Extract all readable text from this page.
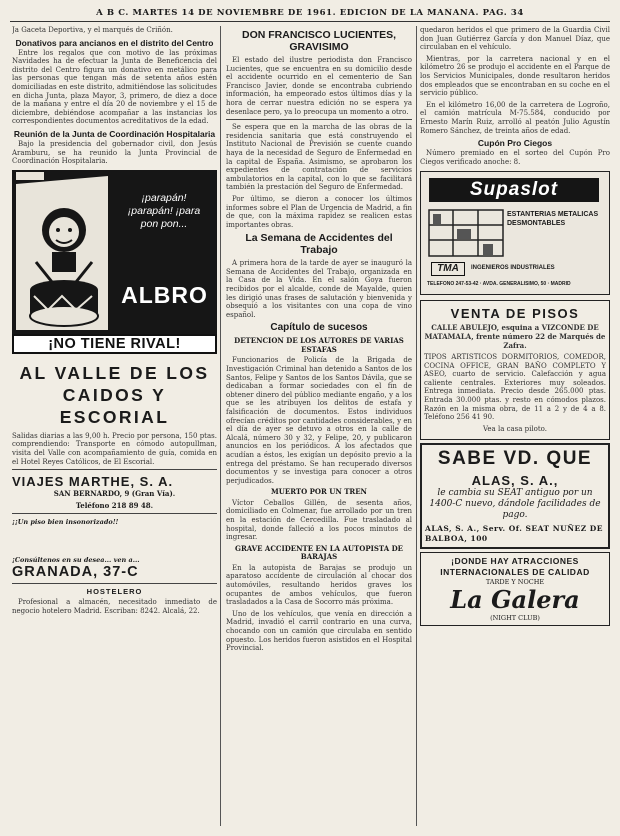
A B C. MARTES 14 DE NOVIEMBRE DE 1961. EDICION DE LA MAÑANA. PAG. 34

Ja Gaceta Deportiva, y el marqués de Criñón.

Donativos para ancianos en el distrito del Centro

Entre los regalos que con motivo de las próximas Navidades ha de efectuar la Junta de Beneficencia del distrito del Centro figura un donativo en metálico para las personas que tengan más de setenta años estén domiciliadas en este distrito, admitiéndose las solicitudes en dicha Junta, plaza Mayor, 3, primero, de diez a doce de la mañana y entre el día 20 de noviembre y el 15 de diciembre, debiéndose acompañar a las instancias los correspondientes documentos acreditativos de la edad.

Reunión de la Junta de Coordinación Hospitalaria

Bajo la presidencia del gobernador civil, don Jesús Aramburu, se ha reunido la Junta Provincial de Coordinación Hospitalaria.

¡parapán! ¡parapán! ¡para pon pon...
ALBRO
¡NO TIENE RIVAL!
AL VALLE DE LOS CAIDOS Y ESCORIAL

Salidas diarias a las 9,00 h. Precio por persona, 150 ptas. comprendiendo: Transporte en cómodo autopullman, visita del Valle con acompañamiento de guía, comida en el Hotel Reyes Católicos, de El Escorial.

VIAJES MARTHE, S. A.
SAN BERNARDO, 9 (Gran Vía).
Teléfono 218 89 48.
¡¡Un piso bien insonorizado!!
¡Consúltenos en su desea... ven a...
GRANADA, 37-C
HOSTELERO

Profesional a almacén, necesitado inmediato de negocio hotelero Madrid. Escriban: 8242. Alcalá, 22.

DON FRANCISCO LUCIENTES, GRAVISIMO

El estado del ilustre periodista don Francisco Lucientes, que se encuentra en su domicilio desde el accidente ocurrido en el cementerio de San Francisco Javier, donde se encontraba cubriendo información, ha empeorado estos últimos días y la hora de cerrar nuestra edición no se espera ya desenlace pero, ya lo preocupa un momento a otro.

Se espera que en la marcha de las obras de la residencia sanitaria que está construyendo el Instituto Nacional de Previsión se cuente cuando haya de la necesidad de Seguro de Enfermedad en la capital de España. Asimismo, se aprobaron los expedientes de contratación de servicios ambulatorios en la capital, con lo que se facilitará también la prestación del Seguro de Enfermedad.

Por último, se dieron a conocer los últimos informes sobre el Plan de Urgencia de Madrid, a fin de que, con la máxima rapidez se realicen estas importantes obras.

La Semana de Accidentes del Trabajo

A primera hora de la tarde de ayer se inauguró la Semana de Accidentes del Trabajo, organizada en la Casa de la Vida. En el salón Goya fueron recibidos por el alcalde, conde de Mayalde, quien les dirigió unas frases de salutación y bienvenida y obsequió a los visitantes con una copa de vino español.

Capítulo de sucesos
DETENCION DE LOS AUTORES DE VARIAS ESTAFAS

Funcionarios de Policía de la Brigada de Investigación Criminal han detenido a Santos de los Santos, Felipe y Santos de los Santos Dávila, que se dedicaban a formar sociedades con el fin de obtener dinero del público mediante engaño, y a los que se les atribuyen los delitos de estafa y falsificación de documentos. Estos individuos ofrecían créditos por cantidades considerables, y en el día de ayer se detuvo a otros en la calle de Alcalá, número 30 y 32, y Felipe, 20, y publicaron anuncios en los periódicos. A los afectados que acudían a éstos, les exigían un depósito previo a la entrega del préstamo. Se han recuperado diversos documentos y se investiga para conocer a otros perjudicados.

MUERTO POR UN TREN

Víctor Ceballos Gillén, de sesenta años, domiciliado en Colmenar, fue arrollado por un tren en la estación de Cercedilla. Fue trasladado al hospital, donde falleció a los pocos minutos de ingresar.

GRAVE ACCIDENTE EN LA AUTOPISTA DE BARAJAS

En la autopista de Barajas se produjo un aparatoso accidente de circulación al chocar dos automóviles, resultando heridos graves los ocupantes de ambos vehículos, que fueron trasladados a la Casa de Socorro más próxima.

Uno de los vehículos, que venía en dirección a Madrid, invadió el carril contrario en una curva, chocando con un camión que circulaba en sentido opuesto. Los heridos fueron asistidos en el Hospital Provincial.

quedaron heridos el que primero de la Guardia Civil don Juan Gutiérrez García y don Manuel Díaz, que circulaban en el vehículo.

Mientras, por la carretera nacional y en el kilómetro 26 se produjo el accidente en el Parque de los Servicios Municipales, donde resultaron heridos dos empleados que se encontraban en su coche en el servicio público.

En el kilómetro 16,00 de la carretera de Logroño, el camión matrícula M-75.584, conducido por Ernesto Marín Ruiz, arrolló al peatón Julio Agustín Romero Sánchez, de treinta años de edad.

Cupón Pro Ciegos

Número premiado en el sorteo del Cupón Pro Ciegos verificado anoche: 8.

Supaslot
ESTANTERIAS METALICAS DESMONTABLES
TMA	INGENIEROS INDUSTRIALES
TELEFONO 247-53-42 · AVDA. GENERALISIMO, 50 · MADRID
VENTA DE PISOS

CALLE ABULEJO, esquina a VIZCONDE DE MATAMALA, frente número 22 de Marqués de Zafra.

TIPOS ARTISTICOS DORMITORIOS, COMEDOR, COCINA OFFICE, GRAN BAÑO COMPLETO Y ASEO, cuarto de servicio. Calefacción y agua caliente centrales. Exteriores muy soleados. Entrega inmediata. Precio desde 265.000 ptas. Entrada 30.000 ptas. y resto en cómodos plazos. Razón en la misma obra, de 11 a 2 y de 4 a 8. Teléfono 256 41 90.

Vea la casa piloto.

SABE VD. QUE
ALAS, S. A.,
le cambia su SEAT antiguo por un 1400-C nuevo, dándole facilidades de pago.
ALAS, S. A., Serv. Of. SEAT NUÑEZ DE BALBOA, 100
¡DONDE HAY ATRACCIONES INTERNACIONALES DE CALIDAD
TARDE Y NOCHE
La Galera
(NIGHT CLUB)
